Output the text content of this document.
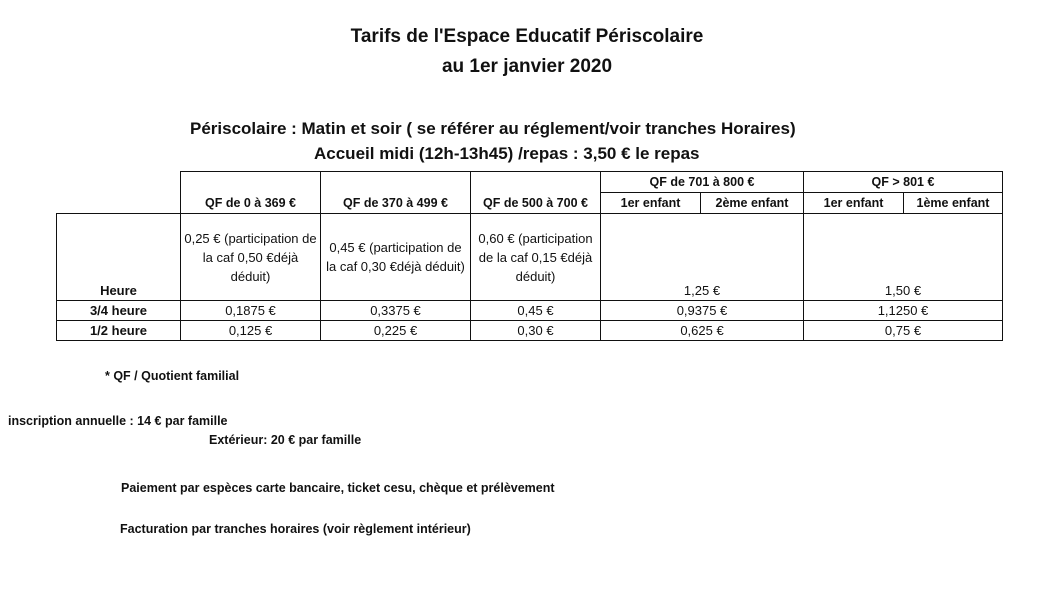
Tarifs de l'Espace Educatif Périscolaire
au 1er janvier 2020
Périscolaire : Matin et soir ( se référer au réglement/voir tranches Horaires)
Accueil midi (12h-13h45) /repas : 3,50 € le repas
	QF de 0 à 369 €	QF de 370 à 499 €	QF de 500 à 700 €	QF de 701 à 800 €		QF > 801 €	
				1er enfant	2ème enfant	1er enfant	1ème enfant
Heure	0,25 € (participation de la caf 0,50 €déjà déduit)	0,45 € (participation de la caf 0,30 €déjà déduit)	0,60 € (participation de la caf 0,15 €déjà déduit)	1,25 €		1,50 €	
3/4 heure	0,1875 €	0,3375 €	0,45 €	0,9375 €		1,1250 €	
1/2 heure	0,125 €	0,225 €	0,30 €	0,625 €		0,75 €	
* QF / Quotient familial
inscription annuelle : 14 € par famille
Extérieur: 20 € par famille
Paiement par espèces carte bancaire, ticket cesu, chèque et prélèvement
Facturation par tranches horaires (voir règlement intérieur)
